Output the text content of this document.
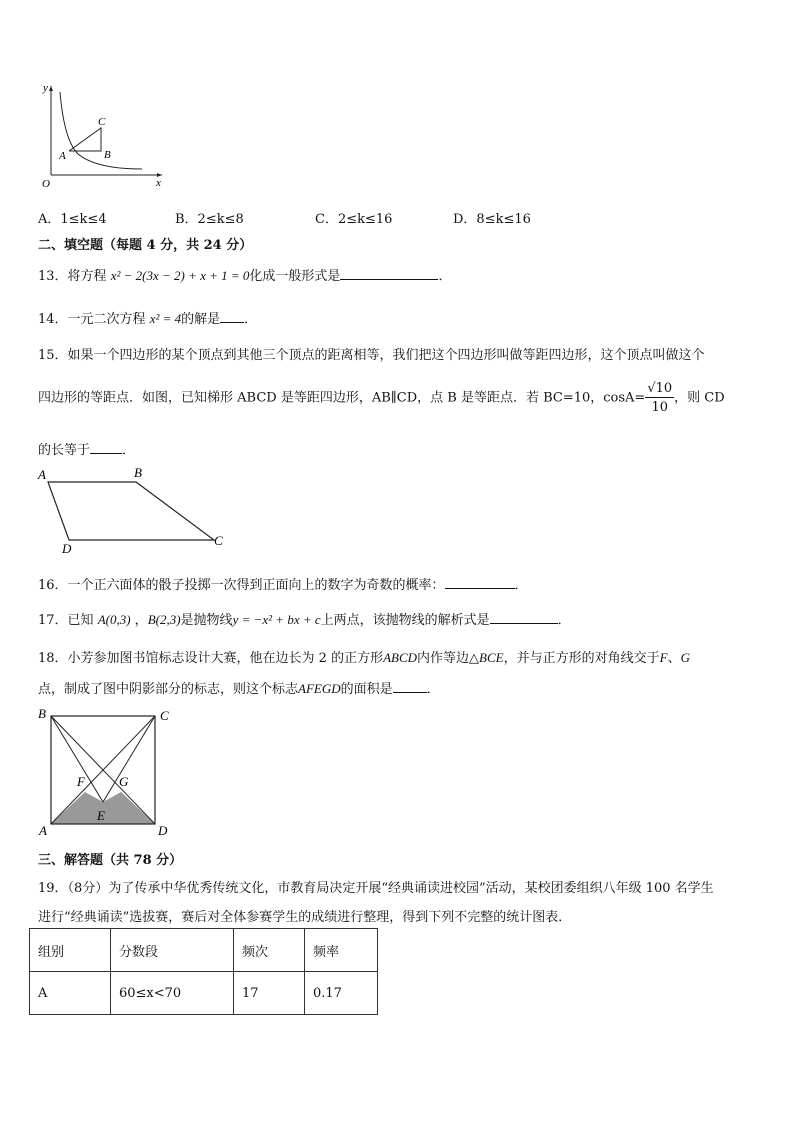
y
O	x
A	B
C
A．1≤k≤4	B．2≤k≤8	C．2≤k≤16	D．8≤k≤16
二、填空题（每题 4 分，共 24 分）
13．将方程 x² − 2(3x − 2) + x + 1 = 0化成一般形式是	．
14．一元二次方程 x² = 4的解是 ．
15．如果一个四边形的某个顶点到其他三个顶点的距离相等，我们把这个四边形叫做等距四边形，这个顶点叫做这个
四边形的等距点．如图，已知梯形 ABCD 是等距四边形，AB∥CD，点 B 是等距点．若 BC=10，$\cos A= \frac{√10}{10}$ ，则 CD
的长等于 ．
A	B
C
D
16．一个正六面体的骰子投掷一次得到正面向上的数字为奇数的概率：	．
17．已知 A(0,3) ，B(2,3)是抛物线y = −x² + bx + c上两点，该抛物线的解析式是	．
18．小芳参加图书馆标志设计大赛，他在边长为 2 的正方形ABCD内作等边△BCE，并与正方形的对角线交于F、G
点，制成了图中阴影部分的标志，则这个标志AFEGD的面积是	．
B	C
A	D
E
F	G
三、解答题（共 78 分）
19．（8分）为了传承中华优秀传统文化，市教育局决定开展“经典诵读进校园”活动，某校团委组织八年级 100 名学生
进行“经典诵读”选拔赛，赛后对全体参赛学生的成绩进行整理，得到下列不完整的统计图表．
组别	分数段	频次	频率
A	60≤x<70	17	0.17
